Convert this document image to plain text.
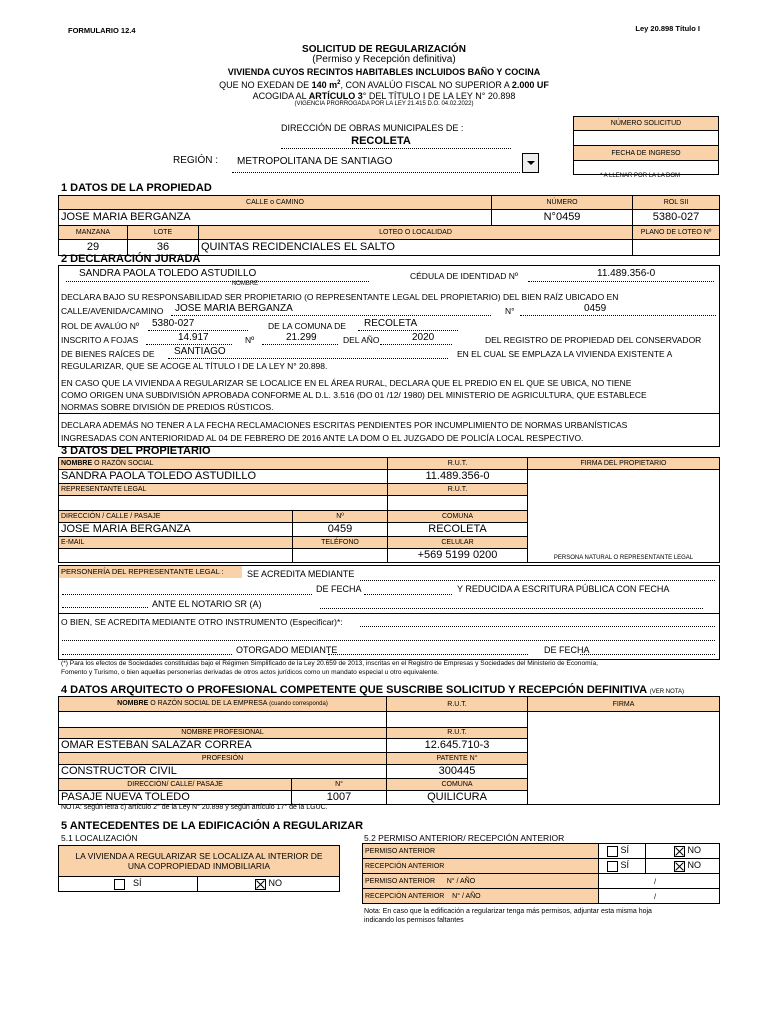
FORMULARIO 12.4	Ley 20.898 Título I
SOLICITUD DE REGULARIZACIÓN
(Permiso y Recepción definitiva)
VIVIENDA CUYOS RECINTOS HABITABLES INCLUIDOS BAÑO Y COCINA
QUE NO EXEDAN DE 140 $m^2$, CON AVALÚO FISCAL NO SUPERIOR A 2.000 UF
ACOGIDA AL ARTÍCULO 3° DEL TÍTULO I DE LA LEY N° 20.898
(VIGENCIA PRORROGADA POR LA LEY 21.415 D.O. 04.02.2022)
DIRECCIÓN DE OBRAS MUNICIPALES DE :
RECOLETA
REGIÓN : METROPOLITANA DE SANTIAGO
NÚMERO SOLICITUD

FECHA DE INGRESO

* A LLENAR POR LA LA DOM
1 DATOS DE LA PROPIEDAD
CALLE o CAMINO			NÚMERO	ROL SII
JOSE MARIA BERGANZA			N°0459	5380-027
MANZANA	LOTE	LOTEO O LOCALIDAD		PLANO DE LOTEO Nº
29	36	QUINTAS RECIDENCIALES EL SALTO		
2 DECLARACIÓN JURADA
SANDRA PAOLA TOLEDO ASTUDILLO
NOMBRE
CÉDULA DE IDENTIDAD Nº	11.489.356-0
DECLARA BAJO SU RESPONSABILIDAD SER PROPIETARIO (O REPRESENTANTE LEGAL DEL PROPIETARIO) DEL BIEN RAÍZ UBICADO EN
CALLE/AVENIDA/CAMINO JOSE MARIA BERGANZA	N°	0459
ROL DE AVALÚO Nº 5380-027	DE LA COMUNA DE RECOLETA
INSCRITO A FOJAS	14.917	Nº	21.299	DEL AÑO	2020	DEL REGISTRO DE PROPIEDAD DEL CONSERVADOR
DE BIENES RAÍCES DE SANTIAGO	EN EL CUAL SE EMPLAZA LA VIVIENDA EXISTENTE A
REGULARIZAR, QUE SE ACOGE AL TÍTULO I DE LA LEY N° 20.898.
EN CASO QUE LA VIVIENDA A REGULARIZAR SE LOCALICE EN EL ÁREA RURAL, DECLARA QUE EL PREDIO EN EL QUE SE UBICA, NO TIENE
COMO ORIGEN UNA SUBDIVISIÓN APROBADA CONFORME AL D.L. 3.516 (DO 01 /12/ 1980) DEL MINISTERIO DE AGRICULTURA, QUE ESTABLECE
NORMAS SOBRE DIVISIÓN DE PREDIOS RÚSTICOS.
DECLARA ADEMÁS NO TENER A LA FECHA RECLAMACIONES ESCRITAS PENDIENTES POR INCUMPLIMIENTO DE NORMAS URBANÍSTICAS
INGRESADAS CON ANTERIORIDAD AL 04 DE FEBRERO DE 2016 ANTE LA DOM O EL JUZGADO DE POLICÍA LOCAL RESPECTIVO.
3 DATOS DEL PROPIETARIO
NOMBRE O RAZÓN SOCIAL		R.U.T.	FIRMA DEL PROPIETARIO
SANDRA PAOLA TOLEDO ASTUDILLO		11.489.356-0	PERSONA NATURAL O REPRESENTANTE LEGAL

REPRESENTANTE LEGAL		R.U.T.	

DIRECCIÓN / CALLE / PASAJE	Nº	COMUNA	
JOSE MARIA BERGANZA	0459	RECOLETA	
E-MAIL	TELÉFONO	CELULAR	
		+569 5199 0200	
PERSONERÍA DEL REPRESENTANTE LEGAL :	SE ACREDITA MEDIANTE
DE FECHA	Y REDUCIDA A ESCRITURA PÚBLICA CON FECHA
ANTE EL NOTARIO SR (A)
O BIEN, SE ACREDITA MEDIANTE OTRO INSTRUMENTO (Especificar)*:
OTORGADO MEDIANTE	DE FECHA
(*) Para los efectos de Sociedades constituidas bajo el Régimen Simplificado de la Ley 20.659 de 2013, inscritas en el Registro de Empresas y Sociedades del Ministerio de Economía,
Fomento y Turismo, o bien aquellas personerías derivadas de otros actos jurídicos como un mandato especial u otro equivalente.
4 DATOS ARQUITECTO O PROFESIONAL COMPETENTE QUE SUSCRIBE SOLICITUD Y RECEPCIÓN DEFINITIVA (VER NOTA)
NOMBRE O RAZÓN SOCIAL DE LA EMPRESA (cuando corresponda)		R.U.T.	FIRMA

NOMBRE PROFESIONAL		R.U.T.	
OMAR ESTEBAN SALAZAR CORREA		12.645.710-3	
PROFESIÓN		PATENTE N°	
CONSTRUCTOR CIVIL		300445	
DIRECCIÓN/ CALLE/ PASAJE	N°	COMUNA	
PASAJE NUEVA TOLEDO	1007	QUILICURA	
NOTA: según letra c) artículo 2° de la Ley N° 20.898 y según artículo 17° de la LGUC.
5 ANTECEDENTES DE LA EDIFICACIÓN A REGULARIZAR
5.1 LOCALIZACIÓN
LA VIVIENDA A REGULARIZAR SE LOCALIZA AL INTERIOR DE
UNA COPROPIEDAD INMOBILIARIA

SÍ	NO
5.2 PERMISO ANTERIOR/ RECEPCIÓN ANTERIOR
PERMISO ANTERIOR	SÍ	NO
RECEPCIÓN ANTERIOR	SÍ	NO
PERMISO ANTERIOR N° / AÑO	/	
RECEPCIÓN ANTERIOR N° / AÑO	/	
Nota: En caso que la edificación a regularizar tenga más permisos, adjuntar esta misma hoja
indicando los permisos faltantes
